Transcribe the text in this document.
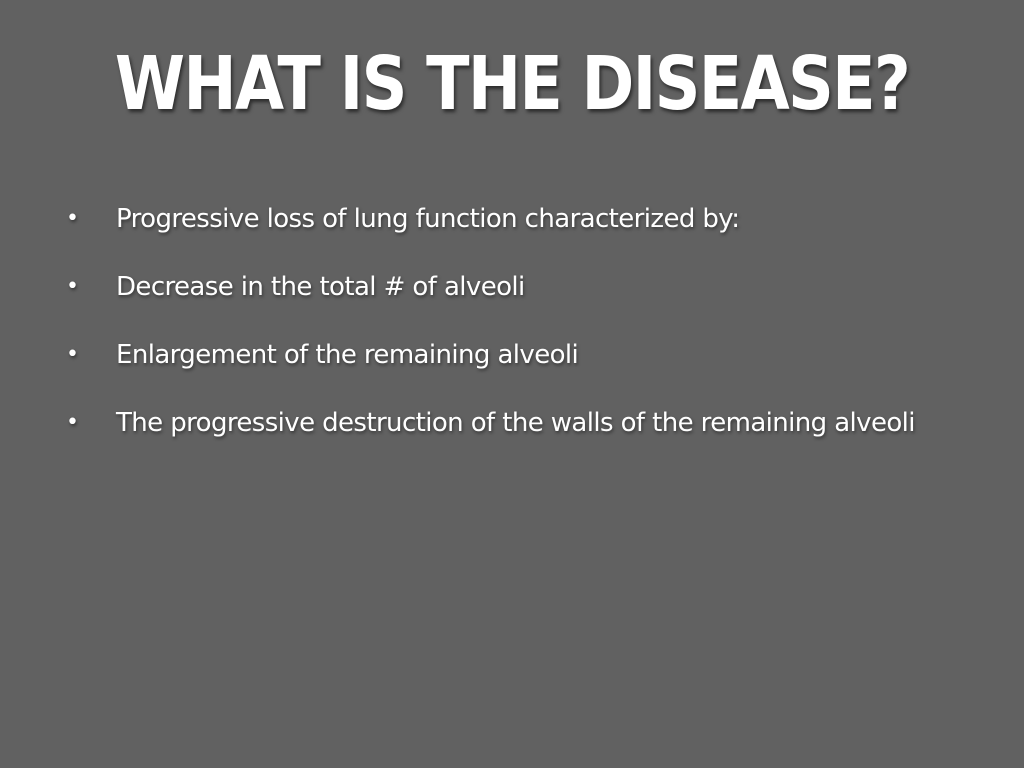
WHAT IS THE DISEASE?
• Progressive loss of lung function characterized by:
• Decrease in the total # of alveoli
• Enlargement of the remaining alveoli
• The progressive destruction of the walls of the remaining alveoli
